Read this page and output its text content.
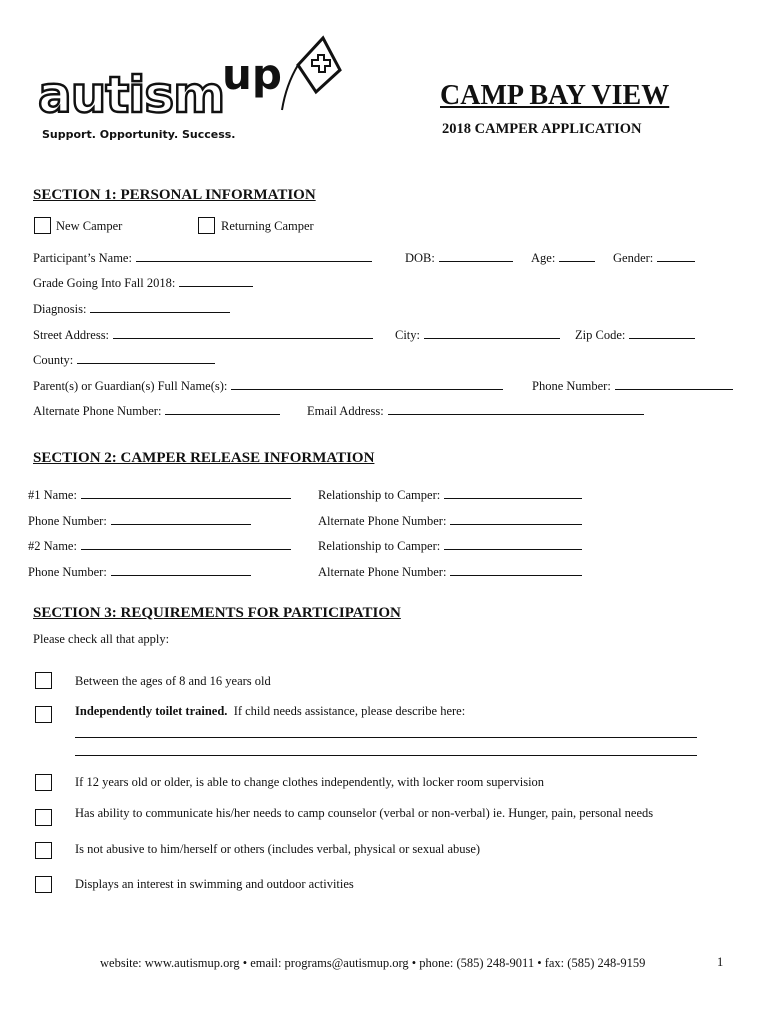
autism
up
Support. Opportunity. Success.
CAMP BAY VIEW
2018 CAMPER APPLICATION
SECTION 1: PERSONAL INFORMATION
New Camper	Returning Camper
Participant’s Name:	DOB:	Age:	Gender:
Grade Going Into Fall 2018:
Diagnosis:
Street Address:	City:	Zip Code:
County:
Parent(s) or Guardian(s) Full Name(s):	Phone Number:
Alternate Phone Number:	Email Address:
SECTION 2: CAMPER RELEASE INFORMATION
#1 Name:	Relationship to Camper:
Phone Number:	Alternate Phone Number:
#2 Name:	Relationship to Camper:
Phone Number:	Alternate Phone Number:
SECTION 3: REQUIREMENTS FOR PARTICIPATION
Please check all that apply:
Between the ages of 8 and 16 years old
Independently toilet trained. If child needs assistance, please describe here:
If 12 years old or older, is able to change clothes independently, with locker room supervision
Has ability to communicate his/her needs to camp counselor (verbal or non-verbal) ie. Hunger, pain, personal needs
Is not abusive to him/herself or others (includes verbal, physical or sexual abuse)
Displays an interest in swimming and outdoor activities
website: www.autismup.org • email: programs@autismup.org • phone: (585) 248-9011 • fax: (585) 248-9159	1
